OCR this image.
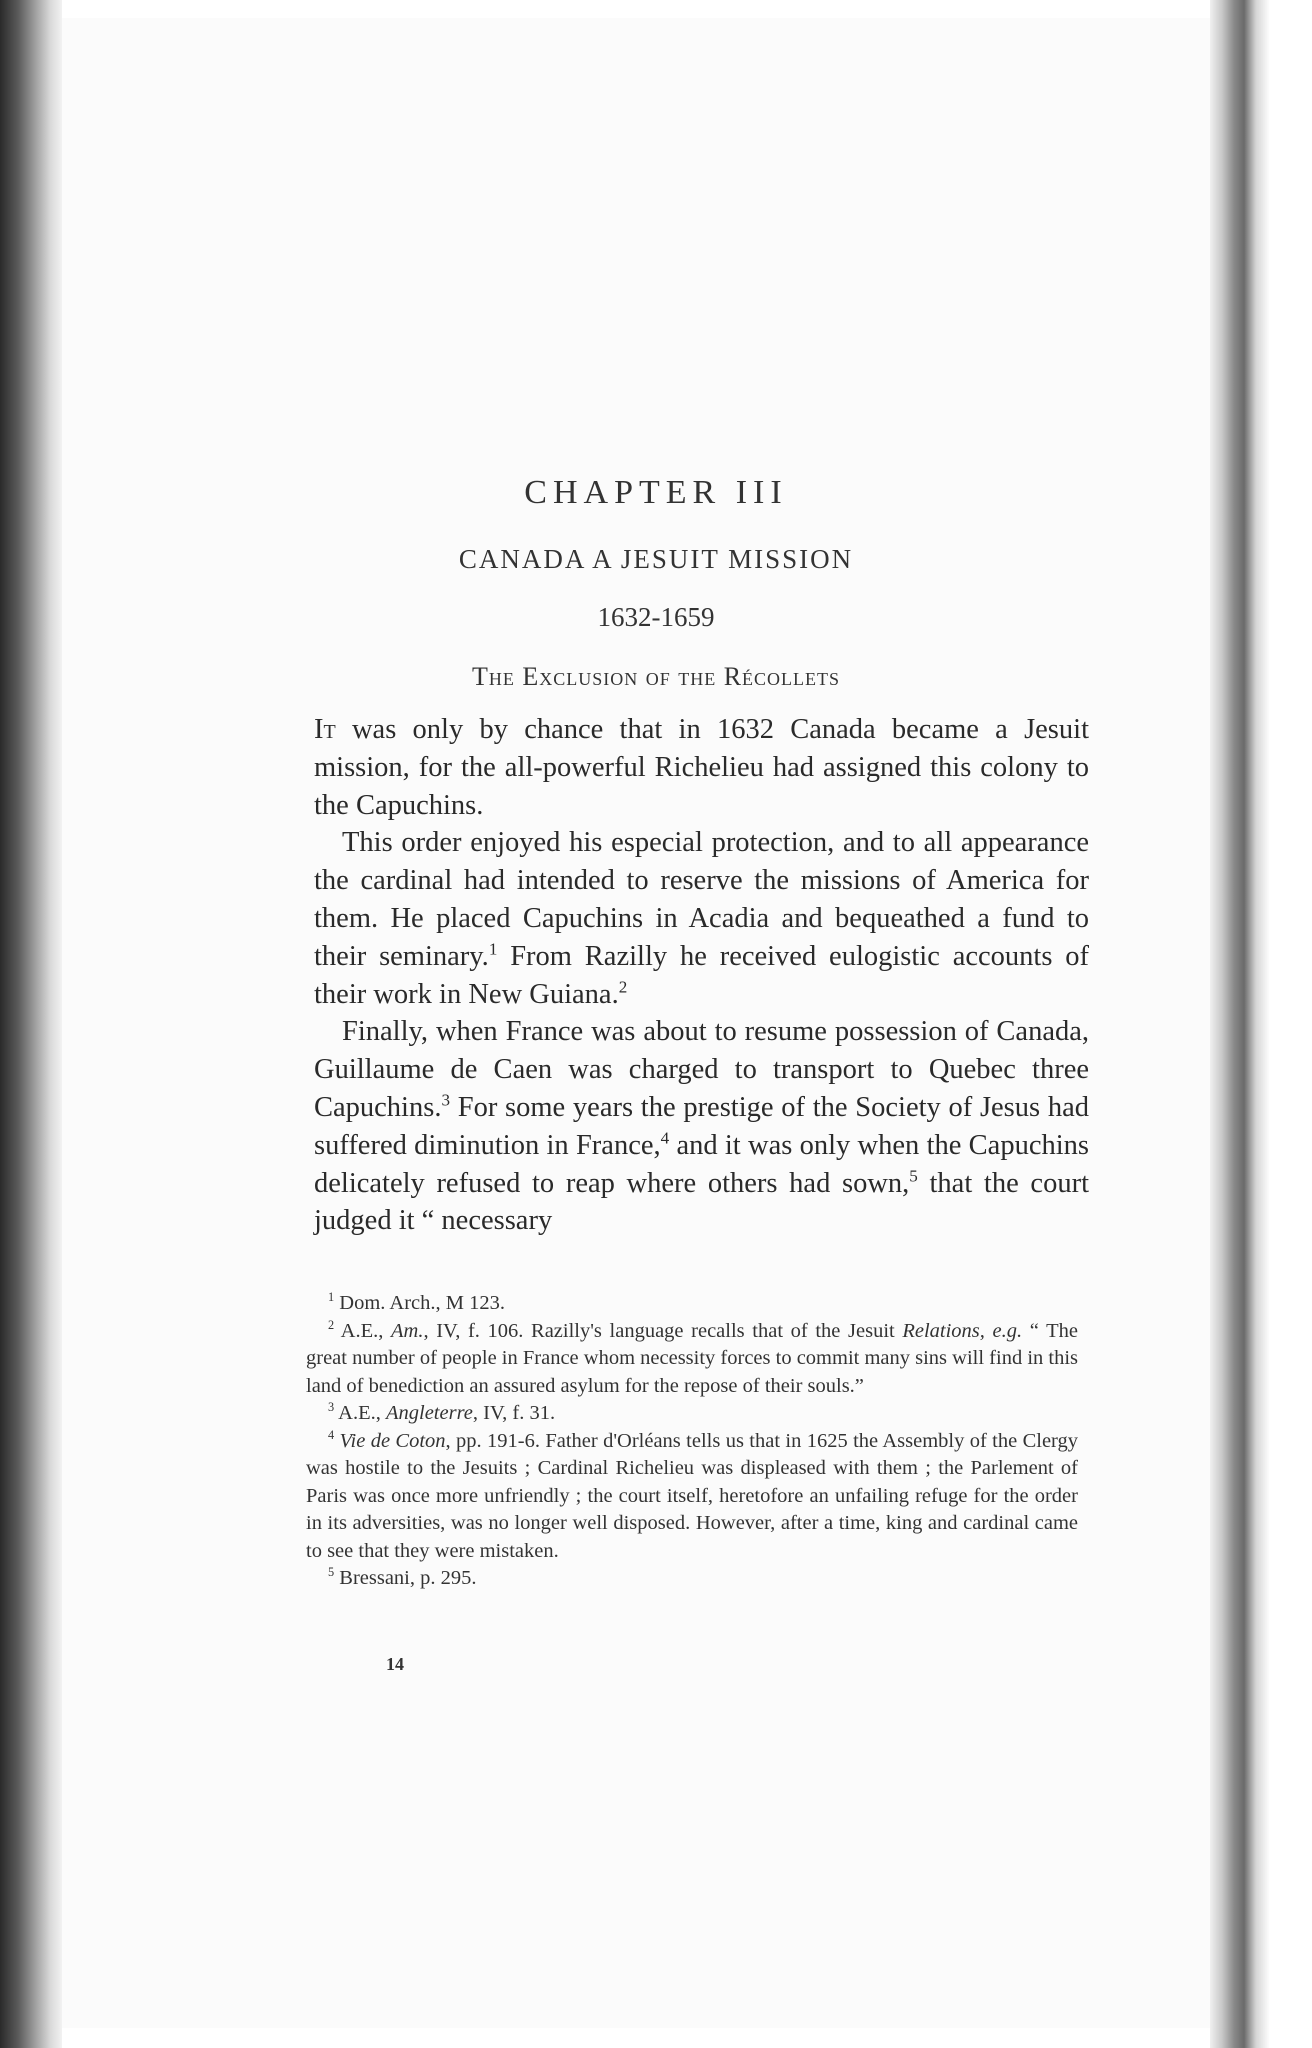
CHAPTER III
CANADA A JESUIT MISSION
1632-1659
The Exclusion of the Récollets

It was only by chance that in 1632 Canada became a Jesuit mission, for the all-powerful Richelieu had assigned this colony to the Capuchins.

This order enjoyed his especial protection, and to all appearance the cardinal had intended to reserve the missions of America for them. He placed Capuchins in Acadia and bequeathed a fund to their seminary.$^1$ From Razilly he received eulogistic accounts of their work in New Guiana.$^2$

Finally, when France was about to resume possession of Canada, Guillaume de Caen was charged to transport to Quebec three Capuchins.$^3$ For some years the prestige of the Society of Jesus had suffered diminution in France,$^4$ and it was only when the Capuchins delicately refused to reap where others had sown,$^5$ that the court judged it “ necessary

$^1$ Dom. Arch., M 123.

$^2$ A.E., Am., IV, f. 106. Razilly's language recalls that of the Jesuit Relations, e.g. “ The great number of people in France whom necessity forces to commit many sins will find in this land of benediction an assured asylum for the repose of their souls.”

$^3$ A.E., Angleterre, IV, f. 31.

$^4$ Vie de Coton, pp. 191-6. Father d'Orléans tells us that in 1625 the Assembly of the Clergy was hostile to the Jesuits ; Cardinal Richelieu was displeased with them ; the Parlement of Paris was once more unfriendly ; the court itself, heretofore an unfailing refuge for the order in its adversities, was no longer well disposed. However, after a time, king and cardinal came to see that they were mistaken.

$^5$ Bressani, p. 295.

14
